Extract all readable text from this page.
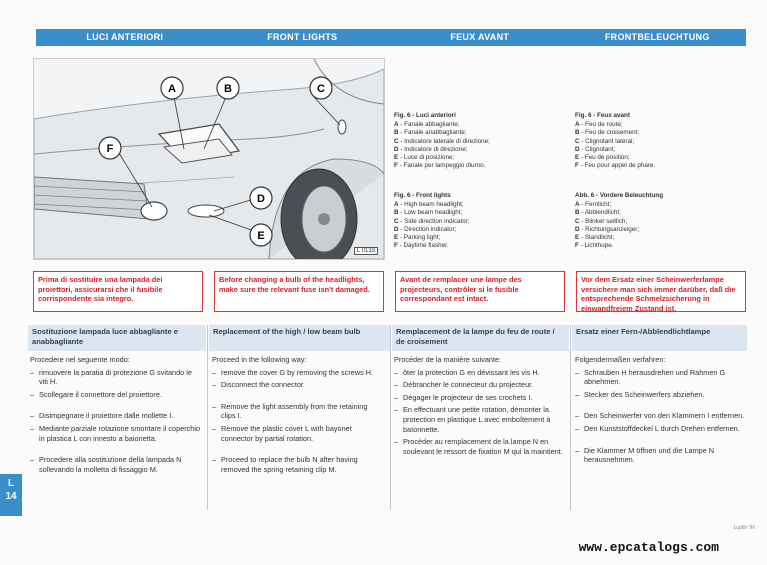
LUCI ANTERIORI	FRONT LIGHTS	FEUX AVANT	FRONTBELEUCHTUNG
A	B	C
D
E
F
L 0133
Fig. 6 - Luci anteriori
A - Fanale abbagliante;
B - Fanale anabbagliante;
C - Indicatore laterale di direzione;
D - Indicatore di direzione;
E - Luce di posizione;
F - Fanale per lampeggio diurno.
Fig. 6 - Front lights
A - High beam headlight;
B - Low beam headlight;
C - Side direction indicator;
D - Direction indicator;
E - Parking light;
F - Daytime flasher.
Fig. 6 - Feux avant
A - Feu de route;
B - Feu de croisement;
C - Clignotant latéral;
D - Clignotant;
E - Feu de position;
F - Feu pour appel de phare.
Abb. 6 - Vordere Beleuchtung
A - Fernlicht;
B - Abblendlicht;
C - Blinker seitlich;
D - Richtungsanzeiger;
E - Standlicht;
F - Lichthupe.
Prima di sostituire una lampada dei proiettori, assicurarsi che il fusibile corrispondente sia integro.
Before changing a bulb of the headlights, make sure the relevant fuse isn't damaged.
Avant de remplacer une lampe des projecteurs, contrôler si le fusible correspondant est intact.
Vor dem Ersatz einer Scheinwerferlampe versichere man sich immer darüber, daß die entsprechende Schmelzsicherung in einwandfreiem Zustand ist.
Sostituzione lampada luce abbagliante e anabbagliante
Replacement of the high / low beam bulb	Remplacement de la lampe du feu de route / de croisement
Ersatz einer Fern-/Abblendlichtlampe

Procedere nel seguente modo:

– rimuovere la paratia di protezione G svitando le viti H.
– Scollegare il connettore del proiettore.
– Disimpegnare il proiettore dalle mollette I.
– Mediante parziale rotazione smontare il coperchio in plastica L con innesto a baionetta.
– Procedere alla sostituzione della lampada N sollevando la molletta di fissaggio M.

Proceed in the following way:

– remove the cover G by removing the screws H.
– Disconnect the connector.
– Remove the light assembly from the retaining clips I.
– Remove the plastic cover L with bayonet connector by partial rotation.
– Proceed to replace the bulb N after having removed the spring retaining clip M.

Procéder de la manière suivante:

– ôter la protection G en dévissant les vis H.
– Débrancher le connecteur du projecteur.
– Dégager le projecteur de ses crochets I.
– En effectuant une petite rotation, démonter la protection en plastique L avec emboîtement à baïonnette.
– Procéder au remplacement de la lampe N en soulevant le ressort de fixation M qui la maintient.

Folgendermaßen verfahren:

– Schrauben H herausdrehen und Rahmen G abnehmen.
– Stecker des Scheinwerfers abziehen.
– Den Scheinwerfer von den Klammern I entfernen.
– Den Kunststoffdeckel L durch Drehen entfernen.
– Die Klammer M öffnen und die Lampe N herausnehmen.
L
14
Lupfin '96
www.epcatalogs.com
